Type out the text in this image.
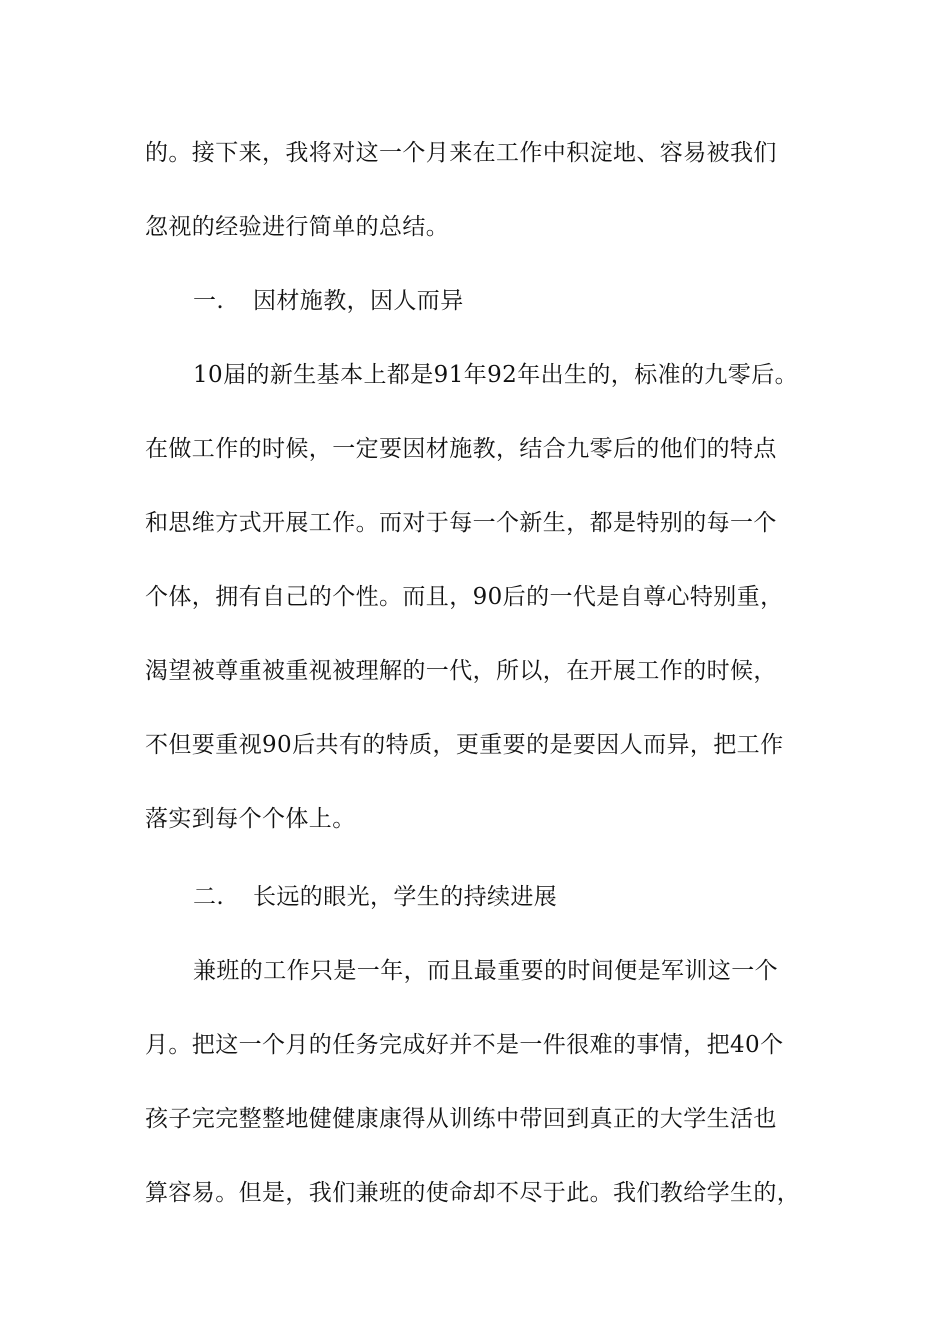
的。接下来，我将对这一个月来在工作中积淀地、容易被我们
忽视的经验进行简单的总结。
一. 因材施教，因人而异
10届的新生基本上都是91年92年出生的，标准的九零后。
在做工作的时候，一定要因材施教，结合九零后的他们的特点
和思维方式开展工作。而对于每一个新生，都是特别的每一个
个体，拥有自己的个性。而且，90后的一代是自尊心特别重，
渴望被尊重被重视被理解的一代，所以，在开展工作的时候，
不但要重视90后共有的特质，更重要的是要因人而异，把工作
落实到每个个体上。
二. 长远的眼光，学生的持续进展
兼班的工作只是一年，而且最重要的时间便是军训这一个
月。把这一个月的任务完成好并不是一件很难的事情，把40个
孩子完完整整地健健康康得从训练中带回到真正的大学生活也
算容易。但是，我们兼班的使命却不尽于此。我们教给学生的，
